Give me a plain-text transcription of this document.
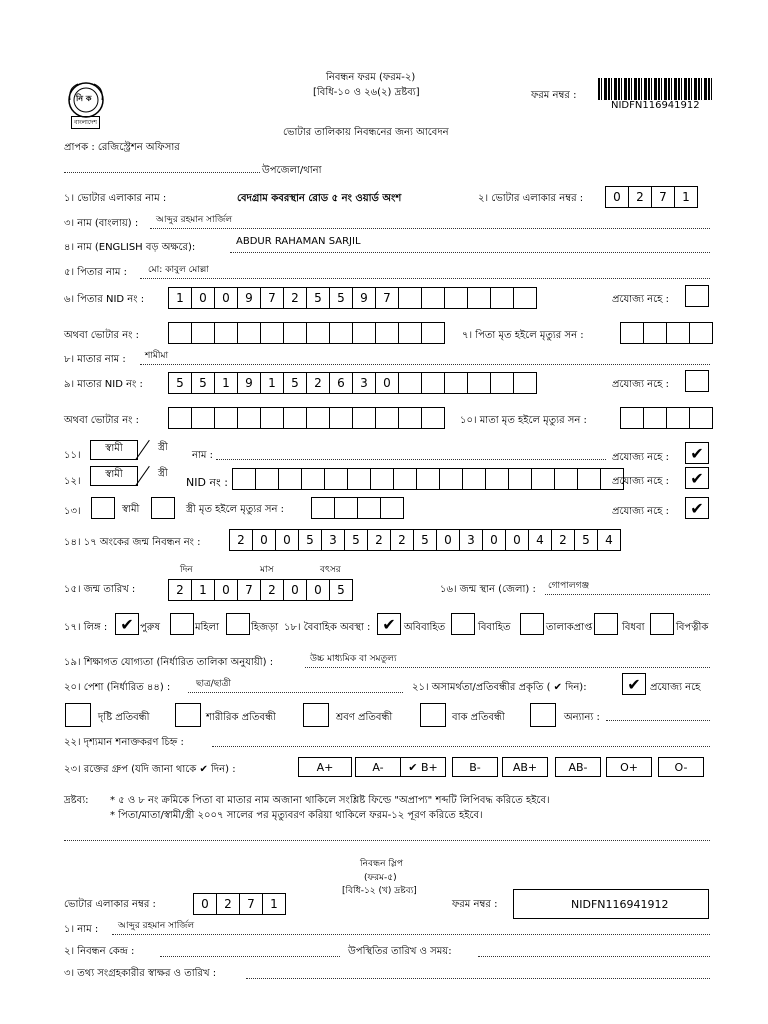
নি ক
বাংলাদেশ
নিবন্ধন ফরম (ফরম-২)
[বিধি-১০ ও ২৬(২) দ্রষ্টব্য]	ফরম নম্বর :
NIDFN116941912
ভোটার তালিকায় নিবন্ধনের জন্য আবেদন
প্রাপক : রেজিস্ট্রেশন অফিসার
উপজেলা/থানা
১। ভোটার এলাকার নাম :	বেদগ্রাম কবরস্থান রোড ৫ নং ওয়ার্ড অংশ	২। ভোটার এলাকার নম্বর :	0	2	7	1
৩। নাম (বাংলায়) : আব্দুর রহমান সার্জিল
৪। নাম (ENGLISH বড় অক্ষরে):
ABDUR RAHAMAN SARJIL
৫। পিতার নাম : মো: কাবুল মোল্লা
৬। পিতার NID নং :	1	0	0	9	7	2	5	5	9	7	প্রযোজ্য নহে :
অথবা ভোটার নং :	৭। পিতা মৃত হইলে মৃত্যুর সন :
৮। মাতার নাম : শামীমা
৯। মাতার NID নং :	5	5	1	9	1	5	2	6	3	0	প্রযোজ্য নহে :
অথবা ভোটার নং :	১০। মাতা মৃত হইলে মৃত্যুর সন :
১১।
স্বামী	স্ত্রী
নাম :	প্রযোজ্য নহে :	✔
১২।
স্বামী	স্ত্রী
NID নং :	প্রযোজ্য নহে :	✔
১৩।	স্বামী	স্ত্রী মৃত হইলে মৃত্যুর সন :	প্রযোজ্য নহে :	✔
১৪। ১৭ অংকের জন্ম নিবন্ধন নং :	2	0	0	5	3	5	2	2	5	0	3	0	0	4	2	5	4
দিন	মাস	বৎসর
১৫। জন্ম তারিখ :	2	1	0	7	2	0	0	5	১৬। জন্ম স্থান (জেলা) : গোপালগঞ্জ
১৭। লিঙ্গ : ✔ পুরুষ	মহিলা	হিজড়া ১৮। বৈবাহিক অবস্থা : ✔ অবিবাহিত	বিবাহিত	তালাকপ্রাপ্ত	বিধবা	বিপত্নীক
১৯। শিক্ষাগত যোগ্যতা (নির্ধারিত তালিকা অনুযায়ী) :	উচ্চ মাধ্যমিক বা সমতুল্য
২০। পেশা (নির্ধারিত ৪৪) :	ছাত্র/ছাত্রী	২১। অসামর্থতা/প্রতিবন্ধীর প্রকৃতি ( ✔ দিন):	✔ প্রযোজ্য নহে
দৃষ্টি প্রতিবন্ধী	শারীরিক প্রতিবন্ধী	শ্রবণ প্রতিবন্ধী	বাক প্রতিবন্ধী	অন্যান্য :
২২। দৃশ্যমান শনাক্তকরণ চিহ্ন :
২৩। রক্তের গ্রুপ (যদি জানা থাকে ✔ দিন) :	A+	A-	✔ B+	B-	AB+	AB-	O+	O-
দ্রষ্টব্য: * ৫ ও ৮ নং ক্রমিকে পিতা বা মাতার নাম অজানা থাকিলে সংশ্লিষ্ট ফিল্ডে "অপ্রাপ্য" শব্দটি লিপিবদ্ধ করিতে হইবে।
* পিতা/মাতা/স্বামী/স্ত্রী ২০০৭ সালের পর মৃত্যুবরণ করিয়া থাকিলে ফরম-১২ পূরণ করিতে হইবে।
নিবন্ধন স্লিপ
(ফরম-৫)
[বিধি-১২ (খ) দ্রষ্টব্য]
ভোটার এলাকার নম্বর :	0	2	7	1	ফরম নম্বর :	NIDFN116941912
১। নাম : আব্দুর রহমান সার্জিল
২। নিবন্ধন কেন্দ্র :	উপস্থিতির তারিখ ও সময়:
৩। তথ্য সংগ্রহকারীর স্বাক্ষর ও তারিখ :
